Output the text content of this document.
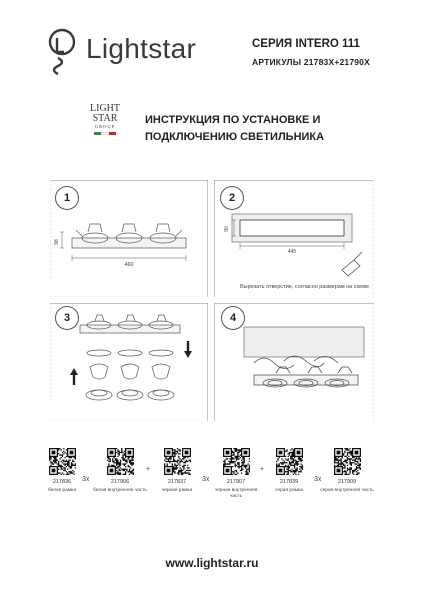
Lightstar	СЕРИЯ INTERO 111
АРТИКУЛЫ 21783X+21790X
LIGHT
STAR
GROUP
ИНСТРУКЦИЯ ПО УСТАНОВКЕ И
ПОДКЛЮЧЕНИЮ СВЕТИЛЬНИКА
460
98
1
445
90
2
Вырезать отверстие, согласно размерам на схеме
3	4
217836
белая рамка
217906
белая внутренняя часть
217837
черная рамка
217907
черная внутренняя часть
217839
серая рамка
217909
серая внутренняя часть
3x
+
3x
+
3x
www.lightstar.ru
